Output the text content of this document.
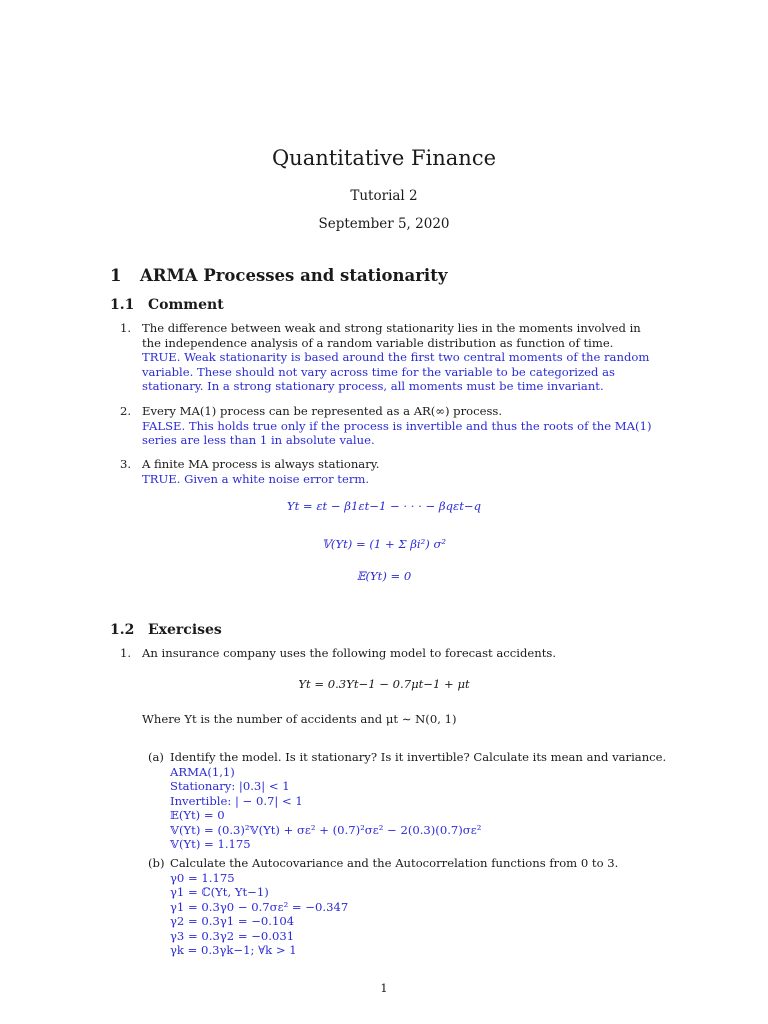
Quantitative Finance
Tutorial 2
September 5, 2020
1 ARMA Processes and stationarity
1.1 Comment
1. The difference between weak and strong stationarity lies in the moments involved in the independence analysis of a random variable distribution as function of time.
TRUE. Weak stationarity is based around the first two central moments of the random variable. These should not vary across time for the variable to be categorized as stationary. In a strong stationary process, all moments must be time invariant.
2. Every MA(1) process can be represented as a AR(∞) process.
FALSE. This holds true only if the process is invertible and thus the roots of the MA(1) series are less than 1 in absolute value.
3. A finite MA process is always stationary.
TRUE. Given a white noise error term.
Yt = εt − β1εt−1 − · · · − βqεt−q
𝕍(Yt) = (1 + Σ βi²) σ²
𝔼(Yt) = 0
1.2 Exercises
1. An insurance company uses the following model to forecast accidents.
Yt = 0.3Yt−1 − 0.7μt−1 + μt
Where Yt is the number of accidents and μt ∼ N(0, 1)
(a) Identify the model. Is it stationary? Is it invertible? Calculate its mean and variance.
ARMA(1,1)
Stationary: |0.3| < 1
Invertible: | − 0.7| < 1
𝔼(Yt) = 0
𝕍(Yt) = (0.3)²𝕍(Yt) + σε² + (0.7)²σε² − 2(0.3)(0.7)σε²
𝕍(Yt) = 1.175
(b) Calculate the Autocovariance and the Autocorrelation functions from 0 to 3.
γ0 = 1.175
γ1 = ℂ(Yt, Yt−1)
γ1 = 0.3γ0 − 0.7σε² = −0.347
γ2 = 0.3γ1 = −0.104
γ3 = 0.3γ2 = −0.031
γk = 0.3γk−1; ∀k > 1
1
